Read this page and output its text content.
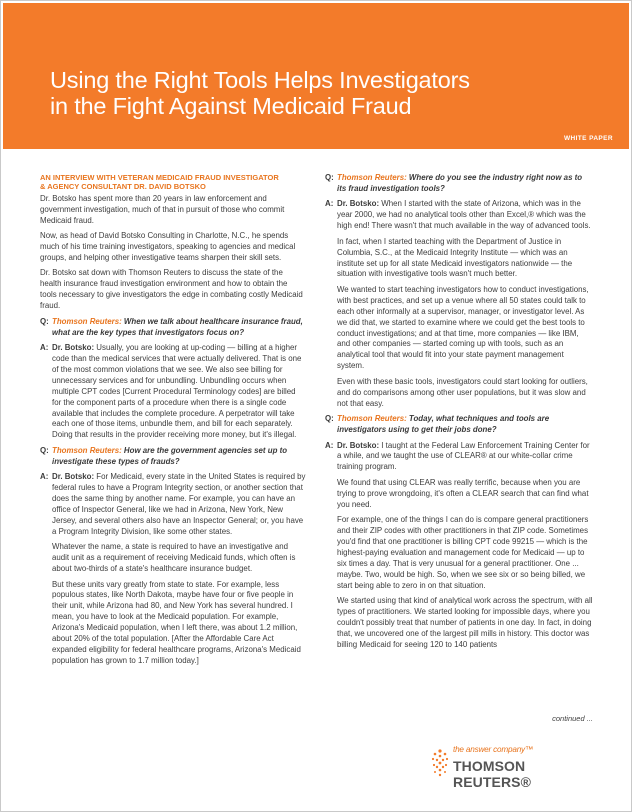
Using the Right Tools Helps Investigators
in the Fight Against Medicaid Fraud
WHITE PAPER
AN INTERVIEW WITH VETERAN MEDICAID FRAUD INVESTIGATOR
& AGENCY CONSULTANT DR. DAVID BOTSKO

Dr. Botsko has spent more than 20 years in law enforcement and government investigation, much of that in pursuit of those who commit Medicaid fraud.

Now, as head of David Botsko Consulting in Charlotte, N.C., he spends much of his time training investigators, speaking to agencies and medical groups, and helping other investigative teams sharpen their skill sets.

Dr. Botsko sat down with Thomson Reuters to discuss the state of the health insurance fraud investigation environment and how to obtain the tools necessary to give investigators the edge in combating costly Medicaid fraud.

Q: Thomson Reuters: When we talk about healthcare insurance fraud, what are the key types that investigators focus on?
A: Dr. Botsko: Usually, you are looking at up-coding — billing at a higher code than the medical services that were actually delivered. That is one of the most common violations that we see. We also see billing for unnecessary services and for unbundling. Unbundling occurs when multiple CPT codes [Current Procedural Terminology codes] are billed for the component parts of a procedure when there is a single code available that includes the complete procedure. A perpetrator will take each one of those items, unbundle them, and bill for each separately. Doing that results in the provider receiving more money, but it's illegal.
Q: Thomson Reuters: How are the government agencies set up to investigate these types of frauds?
A: Dr. Botsko: For Medicaid, every state in the United States is required by federal rules to have a Program Integrity section, or another section that does the same thing by another name. For example, you can have an office of Inspector General, like we had in Arizona, New York, New Jersey, and several others also have an Inspector General; or, you have a Program Integrity Division, like some other states.

Whatever the name, a state is required to have an investigative and audit unit as a requirement of receiving Medicaid funds, which often is about two-thirds of a state's healthcare insurance budget.

But these units vary greatly from state to state. For example, less populous states, like North Dakota, maybe have four or five people in their unit, while Arizona had 80, and New York has several hundred. I mean, you have to look at the Medicaid population. For example, Arizona's Medicaid population, when I left there, was about 1.2 million, about 20% of the total population. [After the Affordable Care Act expanded eligibility for federal healthcare programs, Arizona's Medicaid population has grown to 1.7 million today.]

Q: Thomson Reuters: Where do you see the industry right now as to its fraud investigation tools?
A: Dr. Botsko: When I started with the state of Arizona, which was in the year 2000, we had no analytical tools other than Excel,® which was the high end! There wasn't that much available in the way of advanced tools.

In fact, when I started teaching with the Department of Justice in Columbia, S.C., at the Medicaid Integrity Institute — which was an institute set up for all state Medicaid investigators nationwide — the situation with investigative tools wasn't much better.

We wanted to start teaching investigators how to conduct investigations, with best practices, and set up a venue where all 50 states could talk to each other informally at a supervisor, manager, or investigator level. As we did that, we started to examine where we could get the best tools to conduct investigations; and at that time, more companies — like IBM, and other companies — started coming up with tools, such as an analytical tool that would fit into your state payment management system.

Even with these basic tools, investigators could start looking for outliers, and do comparisons among other user populations, but it was slow and not that easy.

Q: Thomson Reuters: Today, what techniques and tools are investigators using to get their jobs done?
A: Dr. Botsko: I taught at the Federal Law Enforcement Training Center for a while, and we taught the use of CLEAR® at our white-collar crime training program.

We found that using CLEAR was really terrific, because when you are trying to prove wrongdoing, it's often a CLEAR search that can find what you need.

For example, one of the things I can do is compare general practitioners and their ZIP codes with other practitioners in that ZIP code. Sometimes you'd find that one practitioner is billing CPT code 99215 — which is the highest-paying evaluation and management code for Medicaid — up to six times a day. That is very unusual for a general practitioner. One ... maybe. Two, would be high. So, when we see six or so being billed, we start being able to zero in on that situation.

We started using that kind of analytical work across the spectrum, with all types of practitioners. We started looking for impossible days, where you couldn't possibly treat that number of patients in one day. In fact, in doing that, we uncovered one of the largest pill mills in history. This doctor was billing Medicaid for seeing 120 to 140 patients

continued ...
the answer company™
THOMSON REUTERS®
